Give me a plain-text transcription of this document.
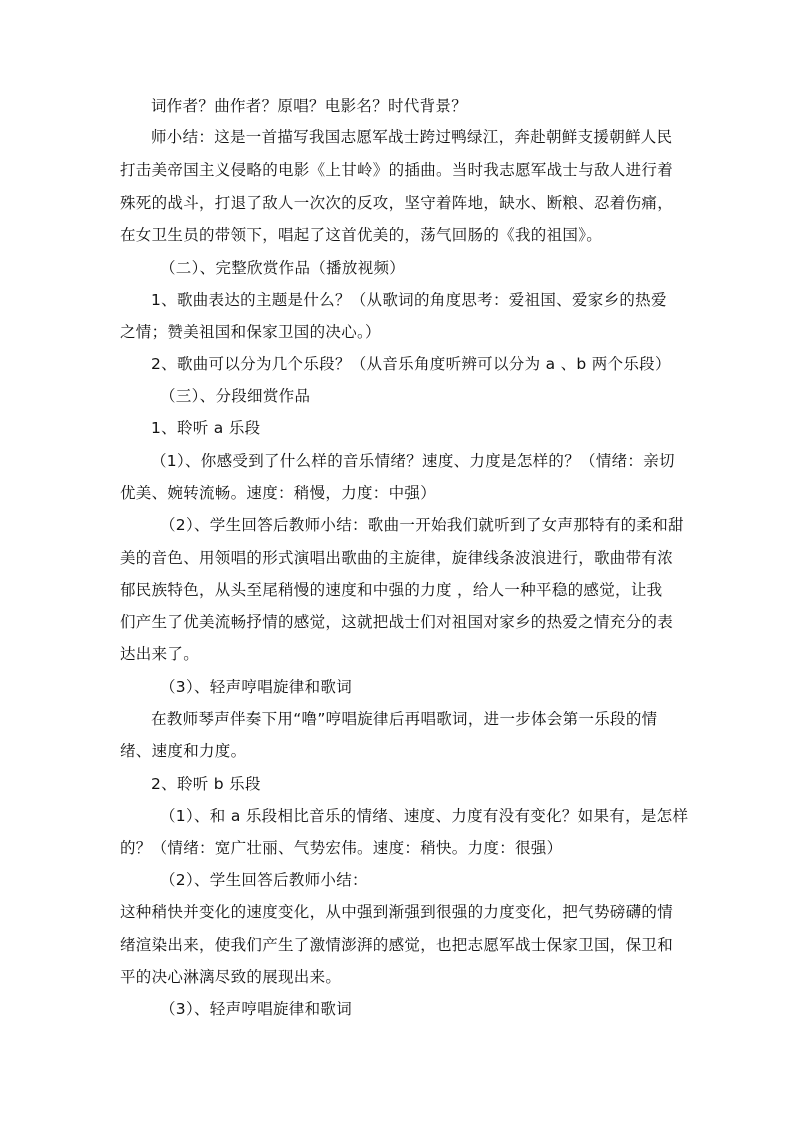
词作者？曲作者？原唱？电影名？时代背景？
师小结：这是一首描写我国志愿军战士跨过鸭绿江，奔赴朝鲜支援朝鲜人民
打击美帝国主义侵略的电影《上甘岭》的插曲。当时我志愿军战士与敌人进行着
殊死的战斗，打退了敌人一次次的反攻，坚守着阵地，缺水、断粮、忍着伤痛，
在女卫生员的带领下，唱起了这首优美的，荡气回肠的《我的祖国》。
（二）、完整欣赏作品（播放视频）
1、歌曲表达的主题是什么？（从歌词的角度思考：爱祖国、爱家乡的热爱
之情；赞美祖国和保家卫国的决心。）
2、歌曲可以分为几个乐段？（从音乐角度听辨可以分为 a 、b 两个乐段）
（三）、分段细赏作品
1、聆听 a 乐段
（1）、你感受到了什么样的音乐情绪？速度、力度是怎样的？（情绪：亲切
优美、婉转流畅。速度：稍慢，力度：中强）
（2）、学生回答后教师小结：歌曲一开始我们就听到了女声那特有的柔和甜
美的音色、用领唱的形式演唱出歌曲的主旋律，旋律线条波浪进行，歌曲带有浓
郁民族特色，从头至尾稍慢的速度和中强的力度 ，给人一种平稳的感觉，让我
们产生了优美流畅抒情的感觉，这就把战士们对祖国对家乡的热爱之情充分的表
达出来了。
（3）、轻声哼唱旋律和歌词
在教师琴声伴奏下用“噜”哼唱旋律后再唱歌词，进一步体会第一乐段的情
绪、速度和力度。
2、聆听 b 乐段
（1）、和 a 乐段相比音乐的情绪、速度、力度有没有变化？如果有，是怎样
的？（情绪：宽广壮丽、气势宏伟。速度：稍快。力度：很强）
（2）、学生回答后教师小结：
这种稍快并变化的速度变化，从中强到渐强到很强的力度变化，把气势磅礴的情
绪渲染出来，使我们产生了激情澎湃的感觉，也把志愿军战士保家卫国，保卫和
平的决心淋漓尽致的展现出来。
（3）、轻声哼唱旋律和歌词
